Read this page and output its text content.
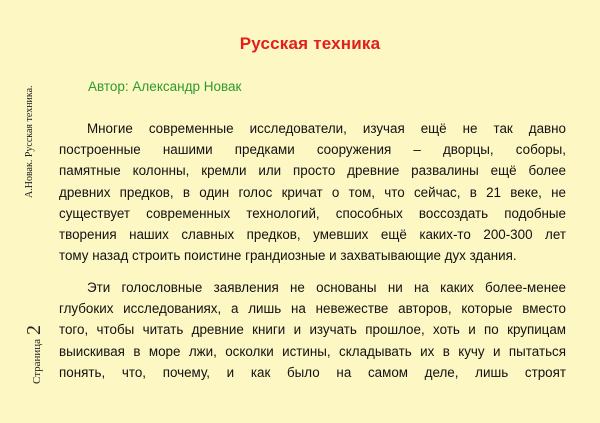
А.Новак. Русская техника.
Страница
2
Русская техника
Автор: Александр Новак
Многие современные исследователи, изучая ещё не так давно
построенные нашими предками сооружения – дворцы, соборы,
памятные колонны, кремли или просто древние развалины ещё более
древних предков, в один голос кричат о том, что сейчас, в 21 веке, не
существует современных технологий, способных воссоздать подобные
творения наших славных предков, умевших ещё каких-то 200-300 лет
тому назад строить поистине грандиозные и захватывающие дух здания.
Эти голословные заявления не основаны ни на каких более-менее
глубоких исследованиях, а лишь на невежестве авторов, которые вместо
того, чтобы читать древние книги и изучать прошлое, хоть и по крупицам
выискивая в море лжи, осколки истины, складывать их в кучу и пытаться
понять, что, почему, и как было на самом деле, лишь строят
